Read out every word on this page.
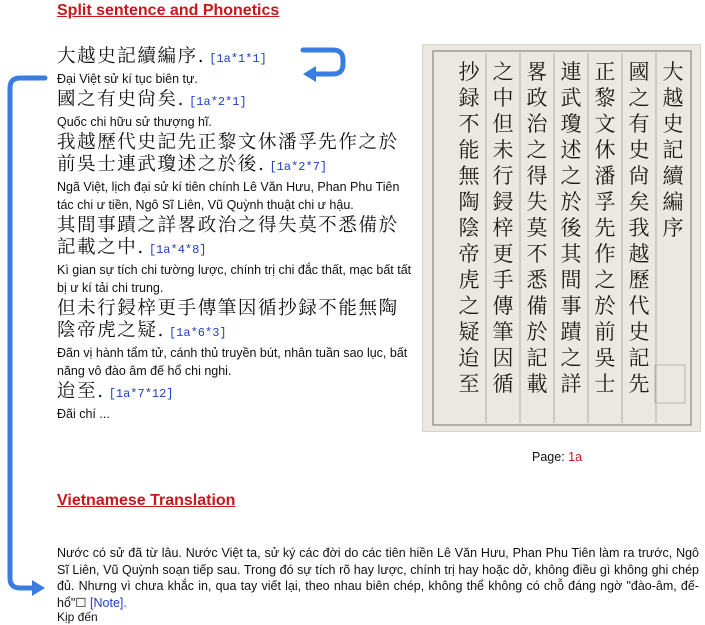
Split sentence and Phonetics
大越史記續編序. [1a*1*1]
Đại Việt sử kí tục biên tự.
國之有史尙矣. [1a*2*1]
Quốc chi hữu sử thượng hĩ.
我越歷代史記先正黎文休潘孚先作之於前吳士連武瓊述之於後. [1a*2*7]
Ngã Việt, lịch đại sử kí tiên chính Lê Văn Hưu, Phan Phu Tiên tác chi ư tiền, Ngô Sĩ Liên, Vũ Quỳnh thuật chi ư hậu.
其間事蹟之詳畧政治之得失莫不悉備於記載之中. [1a*4*8]
Kì gian sự tích chi tường lược, chính trị chi đắc thất, mạc bất tất bị ư kí tải chi trung.
但未行鋟梓更手傳筆因循抄録不能無陶陰帝虎之疑. [1a*6*3]
Đãn vị hành tẩm tử, cánh thủ truyền bút, nhân tuần sao lục, bất năng vô đào âm đế hổ chi nghi.
迨至. [1a*7*12]
Đãi chí ...
大越史記續編序
國之有史尙矣我越歷代史記先
正黎文休潘孚先作之於前吳士
連武瓊述之於後其間事蹟之詳
畧政治之得失莫不悉備於記載
之中但未行鋟梓更手傳筆因循
抄録不能無陶陰帝虎之疑迨至
Page: 1a
Vietnamese Translation

Nước có sử đã từ lâu. Nước Việt ta, sử ký các đời do các tiên hiền Lê Văn Hưu, Phan Phu Tiên làm ra trước, Ngô Sĩ Liên, Vũ Quỳnh soạn tiếp sau. Trong đó sự tích rõ hay lược, chính trị hay hoặc dở, không điều gì không ghi chép đủ. Nhưng vì chưa khắc in, qua tay viết lại, theo nhau biên chép, không thể không có chỗ đáng ngờ "đào-âm, đế-hổ"☐ [Note].

Kịp đến
